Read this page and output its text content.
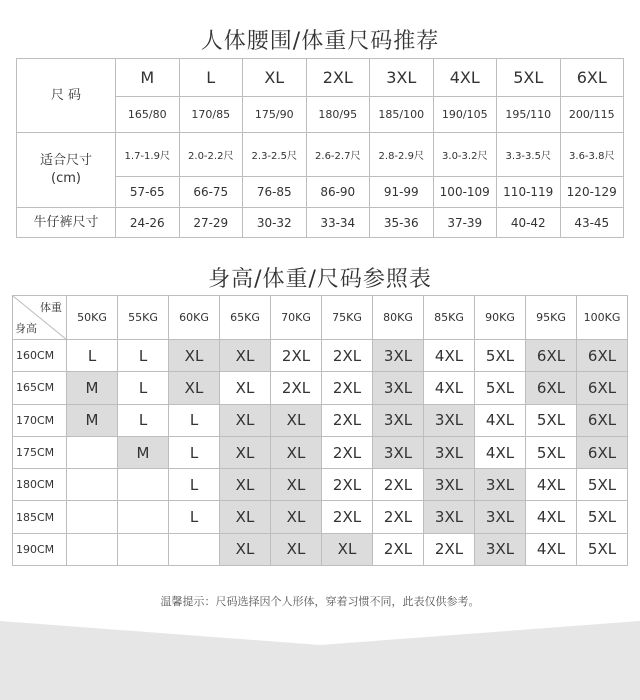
人体腰围/体重尺码推荐
尺 码	M	L	XL	2XL	3XL	4XL	5XL	6XL
	165/80	170/85	175/90	180/95	185/100	190/105	195/110	200/115

适合尺寸
(cm)	1.7-1.9尺	2.0-2.2尺	2.3-2.5尺	2.6-2.7尺	2.8-2.9尺	3.0-3.2尺	3.3-3.5尺	3.6-3.8尺
	57-65	66-75	76-85	86-90	91-99	100-109	110-119	120-129
牛仔裤尺寸	24-26	27-29	30-32	33-34	35-36	37-39	40-42	43-45
身高/体重/尺码参照表
体重
身高	50KG	55KG	60KG	65KG	70KG	75KG	80KG	85KG	90KG	95KG	100KG
160CM	L	L	XL	XL	2XL	2XL	3XL	4XL	5XL	6XL	6XL
165CM	M	L	XL	XL	2XL	2XL	3XL	4XL	5XL	6XL	6XL
170CM	M	L	L	XL	XL	2XL	3XL	3XL	4XL	5XL	6XL
175CM		M	L	XL	XL	2XL	3XL	3XL	4XL	5XL	6XL
180CM			L	XL	XL	2XL	2XL	3XL	3XL	4XL	5XL
185CM			L	XL	XL	2XL	2XL	3XL	3XL	4XL	5XL
190CM				XL	XL	XL	2XL	2XL	3XL	4XL	5XL
温馨提示：尺码选择因个人形体，穿着习惯不同，此表仅供参考。
